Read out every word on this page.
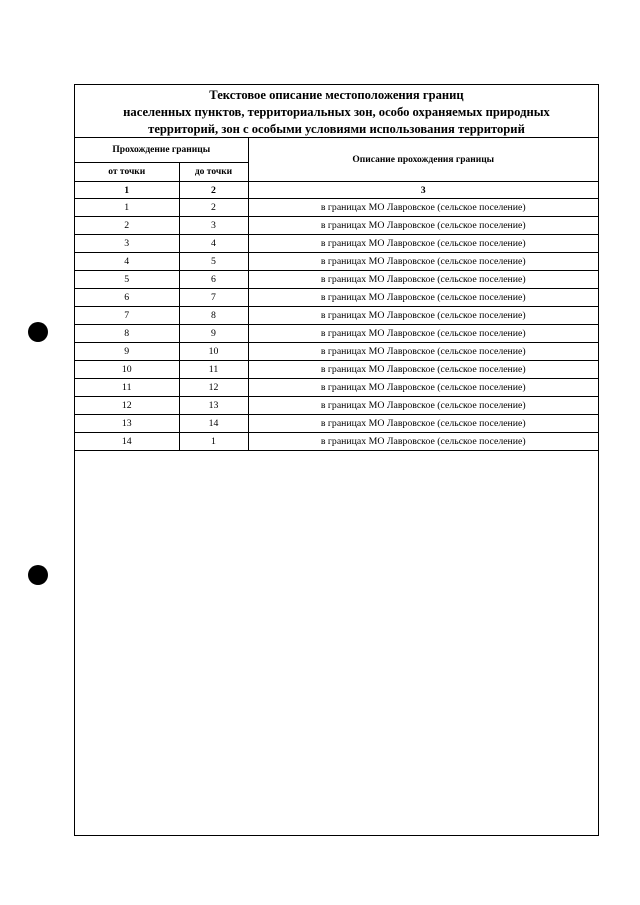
Текстовое описание местоположения границ
населенных пунктов, территориальных зон, особо охраняемых природных
территорий, зон с особыми условиями использования территорий
Прохождение границы		Описание прохождения границы
от точки	до точки	
1	2	3
1	2	в границах МО Лавровское (сельское поселение)
2	3	в границах МО Лавровское (сельское поселение)
3	4	в границах МО Лавровское (сельское поселение)
4	5	в границах МО Лавровское (сельское поселение)
5	6	в границах МО Лавровское (сельское поселение)
6	7	в границах МО Лавровское (сельское поселение)
7	8	в границах МО Лавровское (сельское поселение)
8	9	в границах МО Лавровское (сельское поселение)
9	10	в границах МО Лавровское (сельское поселение)
10	11	в границах МО Лавровское (сельское поселение)
11	12	в границах МО Лавровское (сельское поселение)
12	13	в границах МО Лавровское (сельское поселение)
13	14	в границах МО Лавровское (сельское поселение)
14	1	в границах МО Лавровское (сельское поселение)
